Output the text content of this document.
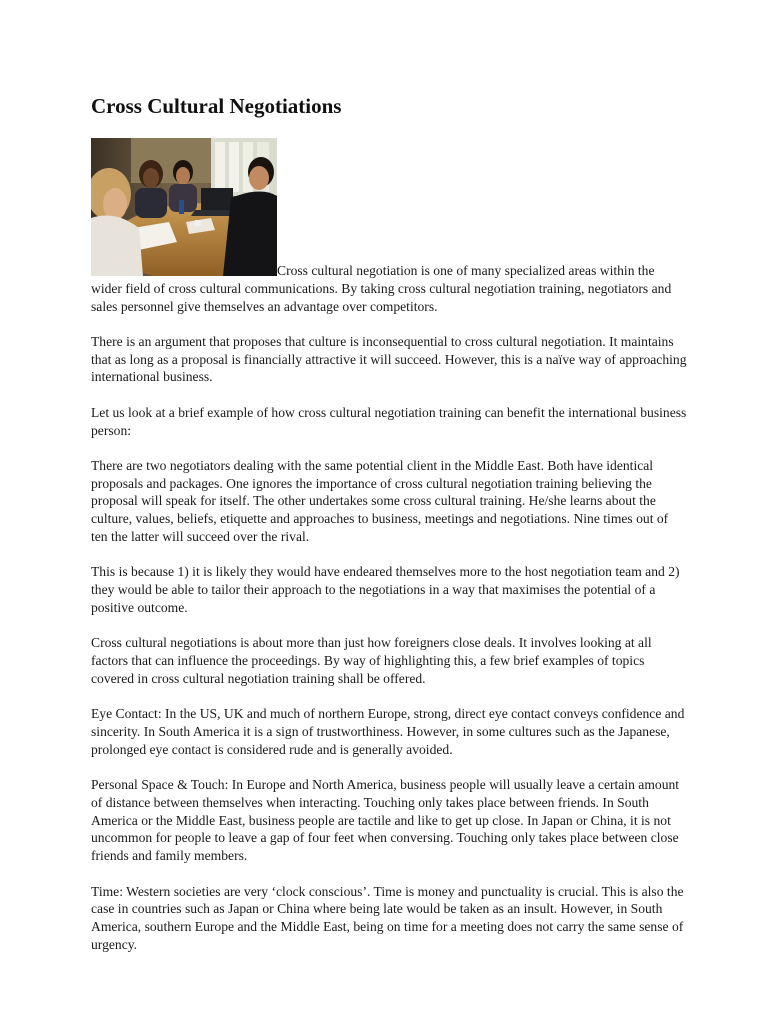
Cross Cultural Negotiations

Cross cultural negotiation is one of many specialized areas within the wider field of cross cultural communications. By taking cross cultural negotiation training, negotiators and sales personnel give themselves an advantage over competitors.

There is an argument that proposes that culture is inconsequential to cross cultural negotiation. It maintains that as long as a proposal is financially attractive it will succeed. However, this is a naïve way of approaching international business.

Let us look at a brief example of how cross cultural negotiation training can benefit the international business person:

There are two negotiators dealing with the same potential client in the Middle East. Both have identical proposals and packages. One ignores the importance of cross cultural negotiation training believing the proposal will speak for itself. The other undertakes some cross cultural training. He/she learns about the culture, values, beliefs, etiquette and approaches to business, meetings and negotiations. Nine times out of ten the latter will succeed over the rival.

This is because 1) it is likely they would have endeared themselves more to the host negotiation team and 2) they would be able to tailor their approach to the negotiations in a way that maximises the potential of a positive outcome.

Cross cultural negotiations is about more than just how foreigners close deals. It involves looking at all factors that can influence the proceedings. By way of highlighting this, a few brief examples of topics covered in cross cultural negotiation training shall be offered.

Eye Contact: In the US, UK and much of northern Europe, strong, direct eye contact conveys confidence and sincerity. In South America it is a sign of trustworthiness. However, in some cultures such as the Japanese, prolonged eye contact is considered rude and is generally avoided.

Personal Space & Touch: In Europe and North America, business people will usually leave a certain amount of distance between themselves when interacting. Touching only takes place between friends. In South America or the Middle East, business people are tactile and like to get up close. In Japan or China, it is not uncommon for people to leave a gap of four feet when conversing. Touching only takes place between close friends and family members.

Time: Western societies are very ‘clock conscious’. Time is money and punctuality is crucial. This is also the case in countries such as Japan or China where being late would be taken as an insult. However, in South America, southern Europe and the Middle East, being on time for a meeting does not carry the same sense of urgency.
